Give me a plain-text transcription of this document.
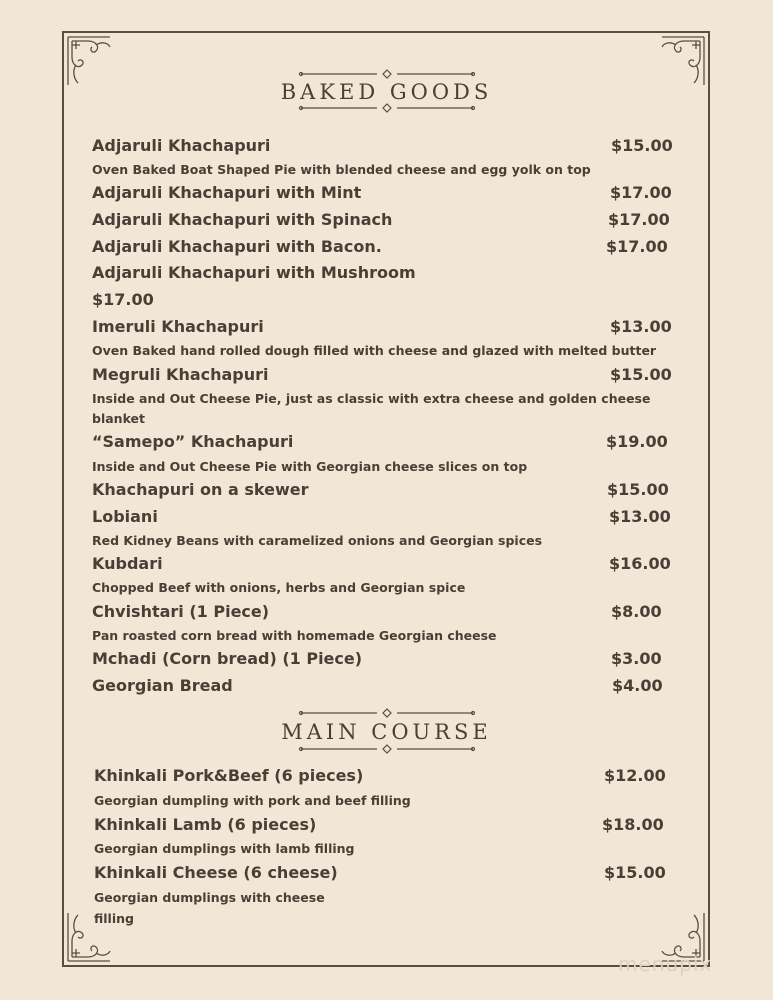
BAKED GOODS
Adjaruli Khachapuri	$15.00
Oven Baked Boat Shaped Pie with blended cheese and egg yolk on top
Adjaruli Khachapuri with Mint	$17.00
Adjaruli Khachapuri with Spinach	$17.00
Adjaruli Khachapuri with Bacon.	$17.00
Adjaruli Khachapuri with Mushroom
$17.00
Imeruli Khachapuri	$13.00
Oven Baked hand rolled dough filled with cheese and glazed with melted butter
Megruli Khachapuri	$15.00
Inside and Out Cheese Pie, just as classic with extra cheese and golden cheese
blanket
“Samepo” Khachapuri	$19.00
Inside and Out Cheese Pie with Georgian cheese slices on top
Khachapuri on a skewer	$15.00
Lobiani	$13.00
Red Kidney Beans with caramelized onions and Georgian spices
Kubdari	$16.00
Chopped Beef with onions, herbs and Georgian spice
Chvishtari (1 Piece)	$8.00
Pan roasted corn bread with homemade Georgian cheese
Mchadi (Corn bread) (1 Piece)	$3.00
Georgian Bread	$4.00
MAIN COURSE
Khinkali Pork&Beef (6 pieces)	$12.00
Georgian dumpling with pork and beef filling
Khinkali Lamb (6 pieces)	$18.00
Georgian dumplings with lamb filling
Khinkali Cheese (6 cheese)	$15.00
Georgian dumplings with cheese
filling
menupix
